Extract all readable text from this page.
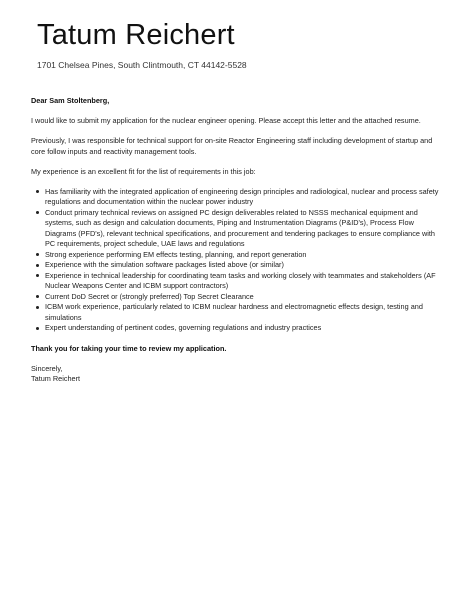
Tatum Reichert
1701 Chelsea Pines, South Clintmouth, CT 44142-5528

Dear Sam Stoltenberg,

I would like to submit my application for the nuclear engineer opening. Please accept this letter and the attached resume.

Previously, I was responsible for technical support for on-site Reactor Engineering staff including development of startup and core follow inputs and reactivity management tools.

My experience is an excellent fit for the list of requirements in this job:

Has familiarity with the integrated application of engineering design principles and radiological, nuclear and process safety regulations and documentation within the nuclear power industry
Conduct primary technical reviews on assigned PC design deliverables related to NSSS mechanical equipment and systems, such as design and calculation documents, Piping and Instrumentation Diagrams (P&ID's), Process Flow Diagrams (PFD's), relevant technical specifications, and procurement and tendering packages to ensure compliance with PC requirements, project schedule, UAE laws and regulations
Strong experience performing EM effects testing, planning, and report generation
Experience with the simulation software packages listed above (or similar)
Experience in technical leadership for coordinating team tasks and working closely with teammates and stakeholders (AF Nuclear Weapons Center and ICBM support contractors)
Current DoD Secret or (strongly preferred) Top Secret Clearance
ICBM work experience, particularly related to ICBM nuclear hardness and electromagnetic effects design, testing and simulations
Expert understanding of pertinent codes, governing regulations and industry practices

Thank you for taking your time to review my application.

Sincerely,

Tatum Reichert
